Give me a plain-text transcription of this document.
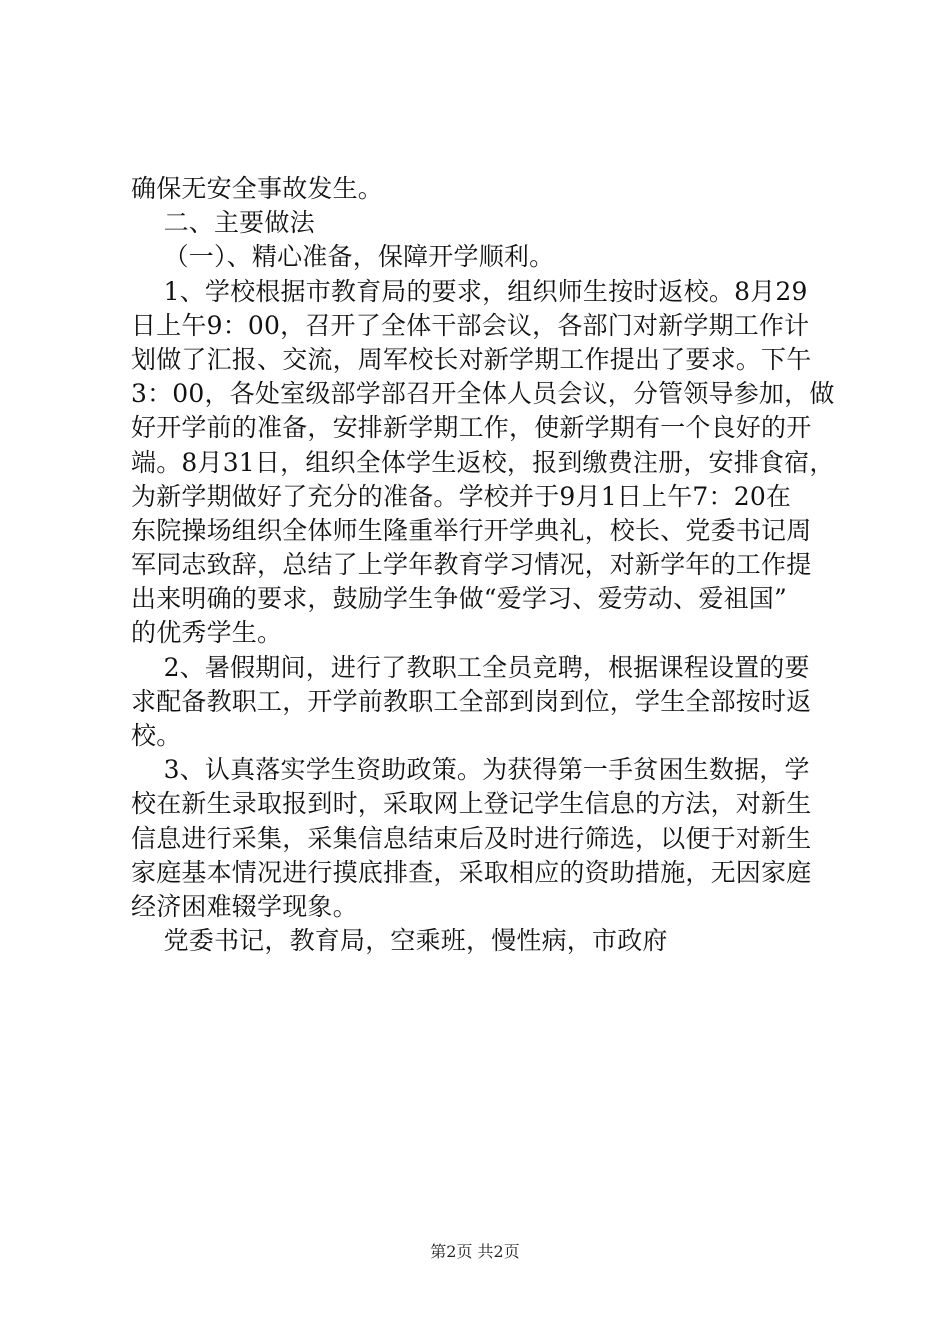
确保无安全事故发生。
二、主要做法
（一）、精心准备，保障开学顺利。
1、学校根据市教育局的要求，组织师生按时返校。8月29
日上午9：00，召开了全体干部会议，各部门对新学期工作计
划做了汇报、交流，周军校长对新学期工作提出了要求。下午
3：00，各处室级部学部召开全体人员会议，分管领导参加，做
好开学前的准备，安排新学期工作，使新学期有一个良好的开
端。8月31日，组织全体学生返校，报到缴费注册，安排食宿，
为新学期做好了充分的准备。学校并于9月1日上午7：20在
东院操场组织全体师生隆重举行开学典礼，校长、党委书记周
军同志致辞，总结了上学年教育学习情况，对新学年的工作提
出来明确的要求，鼓励学生争做“爱学习、爱劳动、爱祖国”
的优秀学生。
2、暑假期间，进行了教职工全员竞聘，根据课程设置的要
求配备教职工，开学前教职工全部到岗到位，学生全部按时返
校。
3、认真落实学生资助政策。为获得第一手贫困生数据，学
校在新生录取报到时，采取网上登记学生信息的方法，对新生
信息进行采集，采集信息结束后及时进行筛选，以便于对新生
家庭基本情况进行摸底排查，采取相应的资助措施，无因家庭
经济困难辍学现象。
党委书记，教育局，空乘班，慢性病，市政府
第2页 共2页
